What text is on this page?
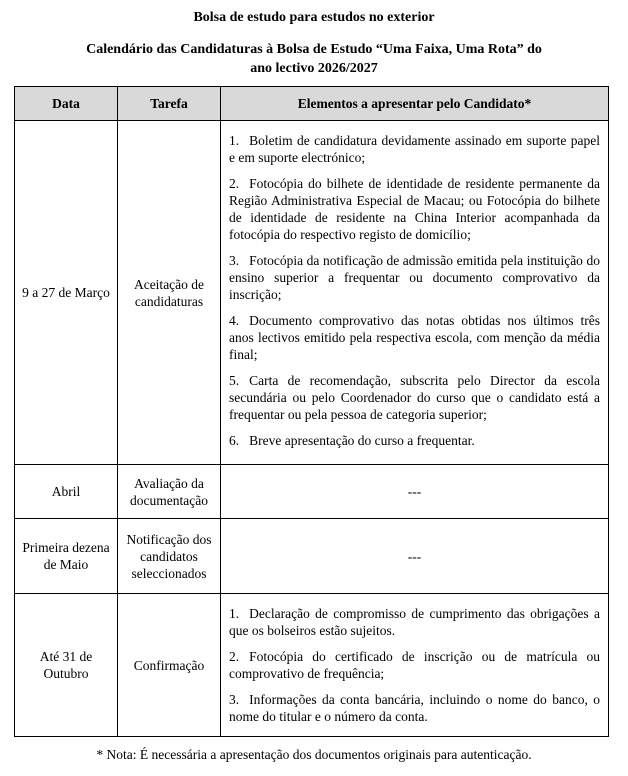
Bolsa de estudo para estudos no exterior
Calendário das Candidaturas à Bolsa de Estudo “Uma Faixa, Uma Rota” do
ano lectivo 2026/2027
Data	Tarefa	Elementos a apresentar pelo Candidato*
9 a 27 de Março	Aceitação de candidaturas	

1. Boletim de candidatura devidamente assinado em suporte papel e em suporte electrónico;

2. Fotocópia do bilhete de identidade de residente permanente da Região Administrativa Especial de Macau; ou Fotocópia do bilhete de identidade de residente na China Interior acompanhada da fotocópia do respectivo registo de domicílio;

3. Fotocópia da notificação de admissão emitida pela instituição do ensino superior a frequentar ou documento comprovativo da inscrição;

4. Documento comprovativo das notas obtidas nos últimos três anos lectivos emitido pela respectiva escola, com menção da média final;

5. Carta de recomendação, subscrita pelo Director da escola secundária ou pelo Coordenador do curso que o candidato está a frequentar ou pela pessoa de categoria superior;

6. Breve apresentação do curso a frequentar.

Abril	Avaliação da documentação	---
Primeira dezena de Maio	Notificação dos candidatos seleccionados	---
Até 31 de Outubro	Confirmação	1. Declaração de compromisso de cumprimento das obrigações a que os bolseiros estão sujeitos.

2. Fotocópia do certificado de inscrição ou de matrícula ou comprovativo de frequência;

3. Informações da conta bancária, incluindo o nome do banco, o nome do titular e o número da conta.

* Nota: É necessária a apresentação dos documentos originais para autenticação.
